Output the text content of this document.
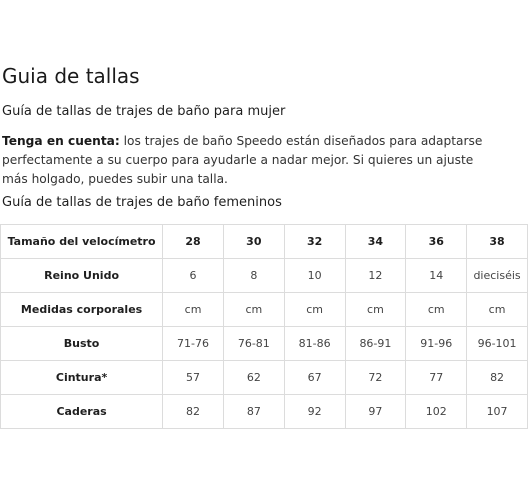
Guia de tallas
Guía de tallas de trajes de baño para mujer

Tenga en cuenta: los trajes de baño Speedo están diseñados para adaptarse perfectamente a su cuerpo para ayudarle a nadar mejor. Si quieres un ajuste más holgado, puedes subir una talla.

Guía de tallas de trajes de baño femeninos
Tamaño del velocímetro	28	30	32	34	36	38
Reino Unido	6	8	10	12	14	dieciséis
Medidas corporales	cm	cm	cm	cm	cm	cm
Busto	71-76	76-81	81-86	86-91	91-96	96-101
Cintura*	57	62	67	72	77	82
Caderas	82	87	92	97	102	107
